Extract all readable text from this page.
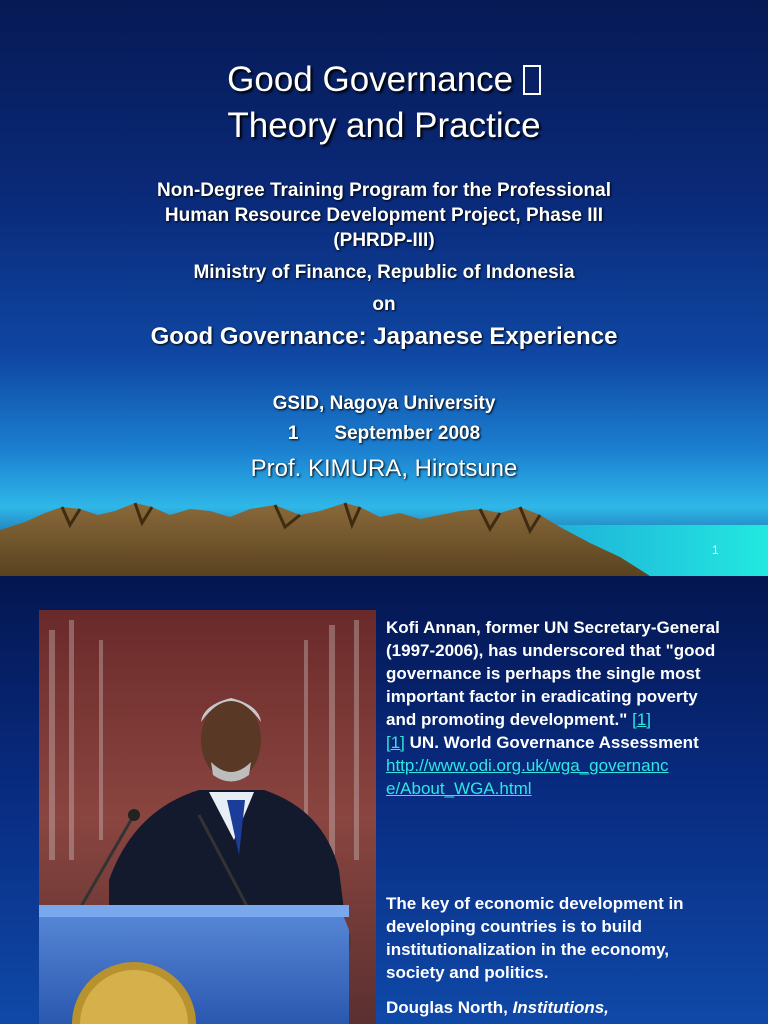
Good Governance
Theory and Practice
Non-Degree Training Program for the Professional
Human Resource Development Project, Phase III
(PHRDP-III)
Ministry of Finance, Republic of Indonesia
on
Good Governance: Japanese Experience
GSID, Nagoya University
1 September 2008
Prof. KIMURA, Hirotsune
1
Kofi Annan, former UN Secretary-General (1997-2006), has underscored that "good governance is perhaps the single most important factor in eradicating poverty and promoting development." [1]
[1] UN. World Governance Assessment
http://www.odi.org.uk/wga_governanc
e/About_WGA.html
The key of economic development in developing countries is to build institutionalization in the economy, society and politics.
Douglas North, Institutions,
